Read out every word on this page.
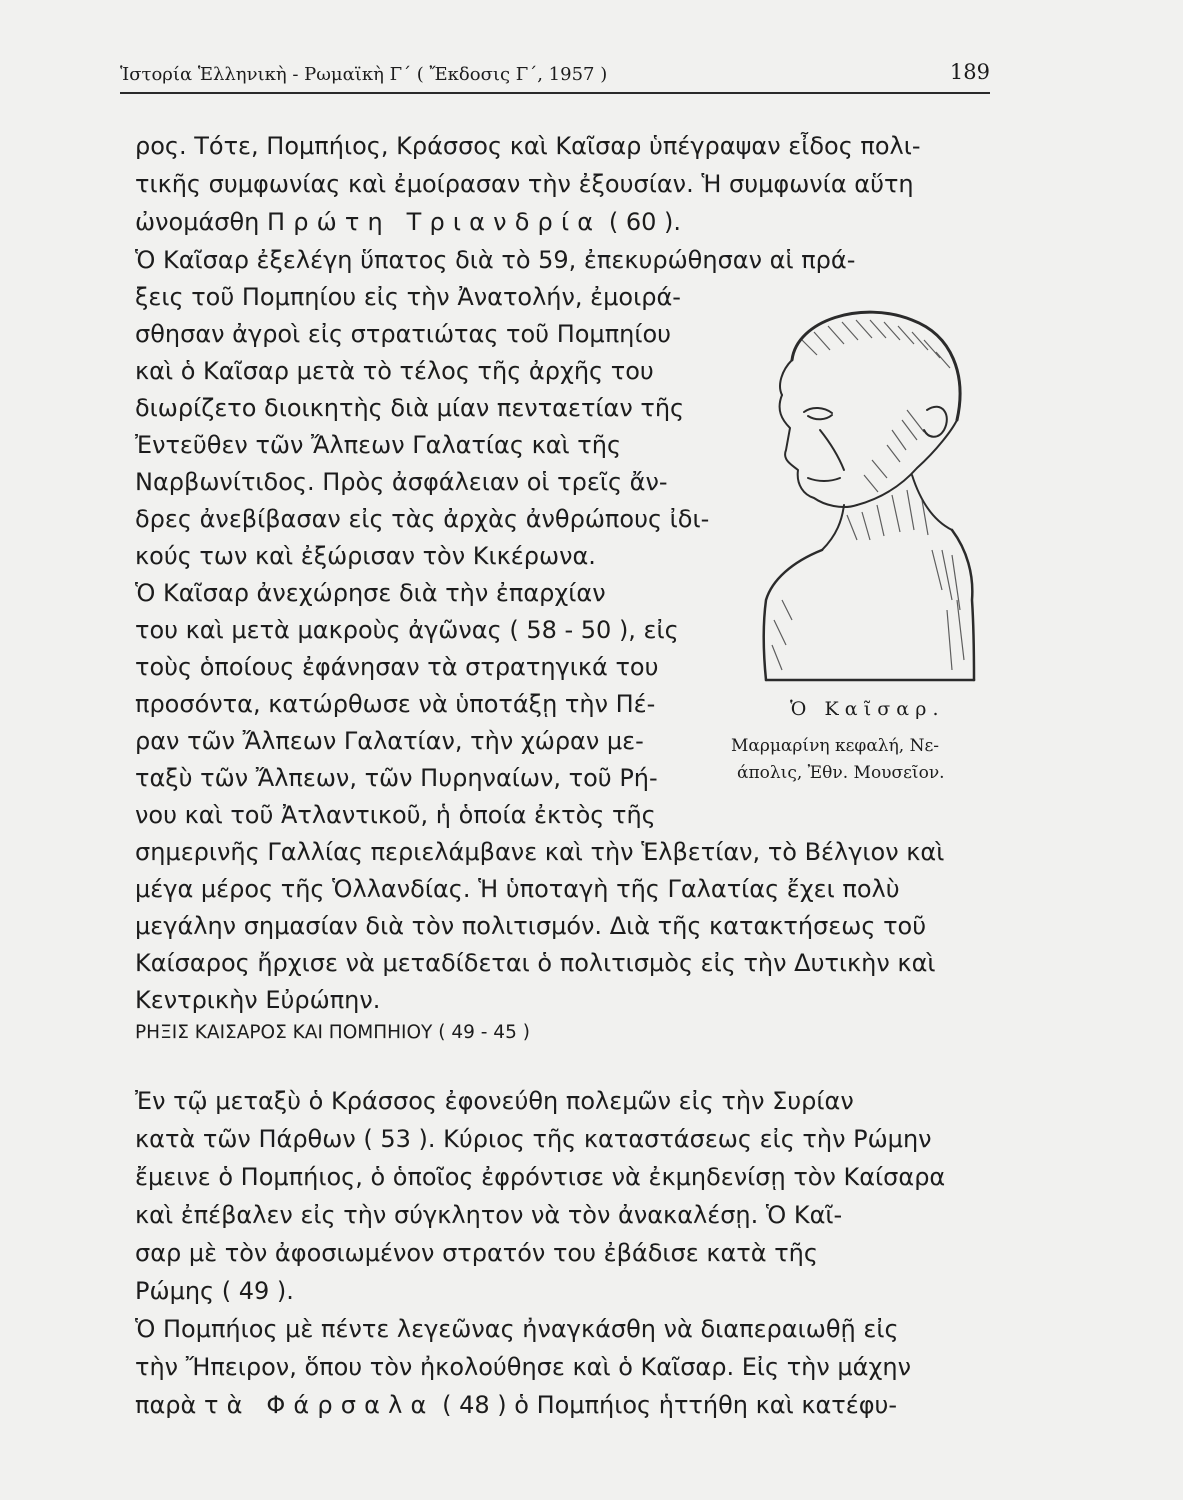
Ἱστορία Ἑλληνικὴ - Ρωμαϊκὴ Γ΄ ( Ἔκδοσις Γ΄, 1957 )	189
ρος. Τότε, Πομπήιος, Κράσσος καὶ Καῖσαρ ὑπέγραψαν εἶδος πολι-
τικῆς συμφωνίας καὶ ἐμοίρασαν τὴν ἐξουσίαν. Ἡ συμφωνία αὕτη
ὠνομάσθη Πρώτη Τριανδρία ( 60 ).
Ὁ Καῖσαρ ἐξελέγη ὕπατος διὰ τὸ 59, ἐπεκυρώθησαν αἱ πρά-
ξεις τοῦ Πομπηίου εἰς τὴν Ἀνατολήν, ἐμοιρά-
σθησαν ἀγροὶ εἰς στρατιώτας τοῦ Πομπηίου
καὶ ὁ Καῖσαρ μετὰ τὸ τέλος τῆς ἀρχῆς του
διωρίζετο διοικητὴς διὰ μίαν πενταετίαν τῆς
Ἐντεῦθεν τῶν Ἄλπεων Γαλατίας καὶ τῆς
Ναρβωνίτιδος. Πρὸς ἀσφάλειαν οἱ τρεῖς ἄν-
δρες ἀνεβίβασαν εἰς τὰς ἀρχὰς ἀνθρώπους ἰδι-
κούς των καὶ ἐξώρισαν τὸν Κικέρωνα.
Ὁ Καῖσαρ ἀνεχώρησε διὰ τὴν ἐπαρχίαν
του καὶ μετὰ μακροὺς ἀγῶνας ( 58 - 50 ), εἰς
τοὺς ὁποίους ἐφάνησαν τὰ στρατηγικά του
προσόντα, κατώρθωσε νὰ ὑποτάξῃ τὴν Πέ-
ραν τῶν Ἄλπεων Γαλατίαν, τὴν χώραν με-
ταξὺ τῶν Ἄλπεων, τῶν Πυρηναίων, τοῦ Ρή-
νου καὶ τοῦ Ἀτλαντικοῦ, ἡ ὁποία ἐκτὸς τῆς
σημερινῆς Γαλλίας περιελάμβανε καὶ τὴν Ἑλβετίαν, τὸ Βέλγιον καὶ
μέγα μέρος τῆς Ὁλλανδίας. Ἡ ὑποταγὴ τῆς Γαλατίας ἔχει πολὺ
μεγάλην σημασίαν διὰ τὸν πολιτισμόν. Διὰ τῆς κατακτήσεως τοῦ
Καίσαρος ἤρχισε νὰ μεταδίδεται ὁ πολιτισμὸς εἰς τὴν Δυτικὴν καὶ
Κεντρικὴν Εὐρώπην.
ΡΗΞΙΣ ΚΑΙΣΑΡΟΣ ΚΑΙ ΠΟΜΠΗΙΟΥ ( 49 - 45 )
Ἐν τῷ μεταξὺ ὁ Κράσσος ἐφονεύθη πολεμῶν εἰς τὴν Συρίαν
κατὰ τῶν Πάρθων ( 53 ). Κύριος τῆς καταστάσεως εἰς τὴν Ρώμην
ἔμεινε ὁ Πομπήιος, ὁ ὁποῖος ἐφρόντισε νὰ ἐκμηδενίσῃ τὸν Καίσαρα
καὶ ἐπέβαλεν εἰς τὴν σύγκλητον νὰ τὸν ἀνακαλέσῃ. Ὁ Καῖ-
σαρ μὲ τὸν ἀφοσιωμένον στρατόν του ἐβάδισε κατὰ τῆς
Ρώμης ( 49 ).
Ὁ Πομπήιος μὲ πέντε λεγεῶνας ἠναγκάσθη νὰ διαπεραιωθῇ εἰς
τὴν Ἤπειρον, ὅπου τὸν ἠκολούθησε καὶ ὁ Καῖσαρ. Εἰς τὴν μάχην
παρὰ τὰ Φάρσαλα ( 48 ) ὁ Πομπήιος ἡττήθη καὶ κατέφυ-
Ὁ Καῖσαρ.
Μαρμαρίνη κεφαλή, Νε-
άπολις, Ἐθν. Μουσεῖον.
